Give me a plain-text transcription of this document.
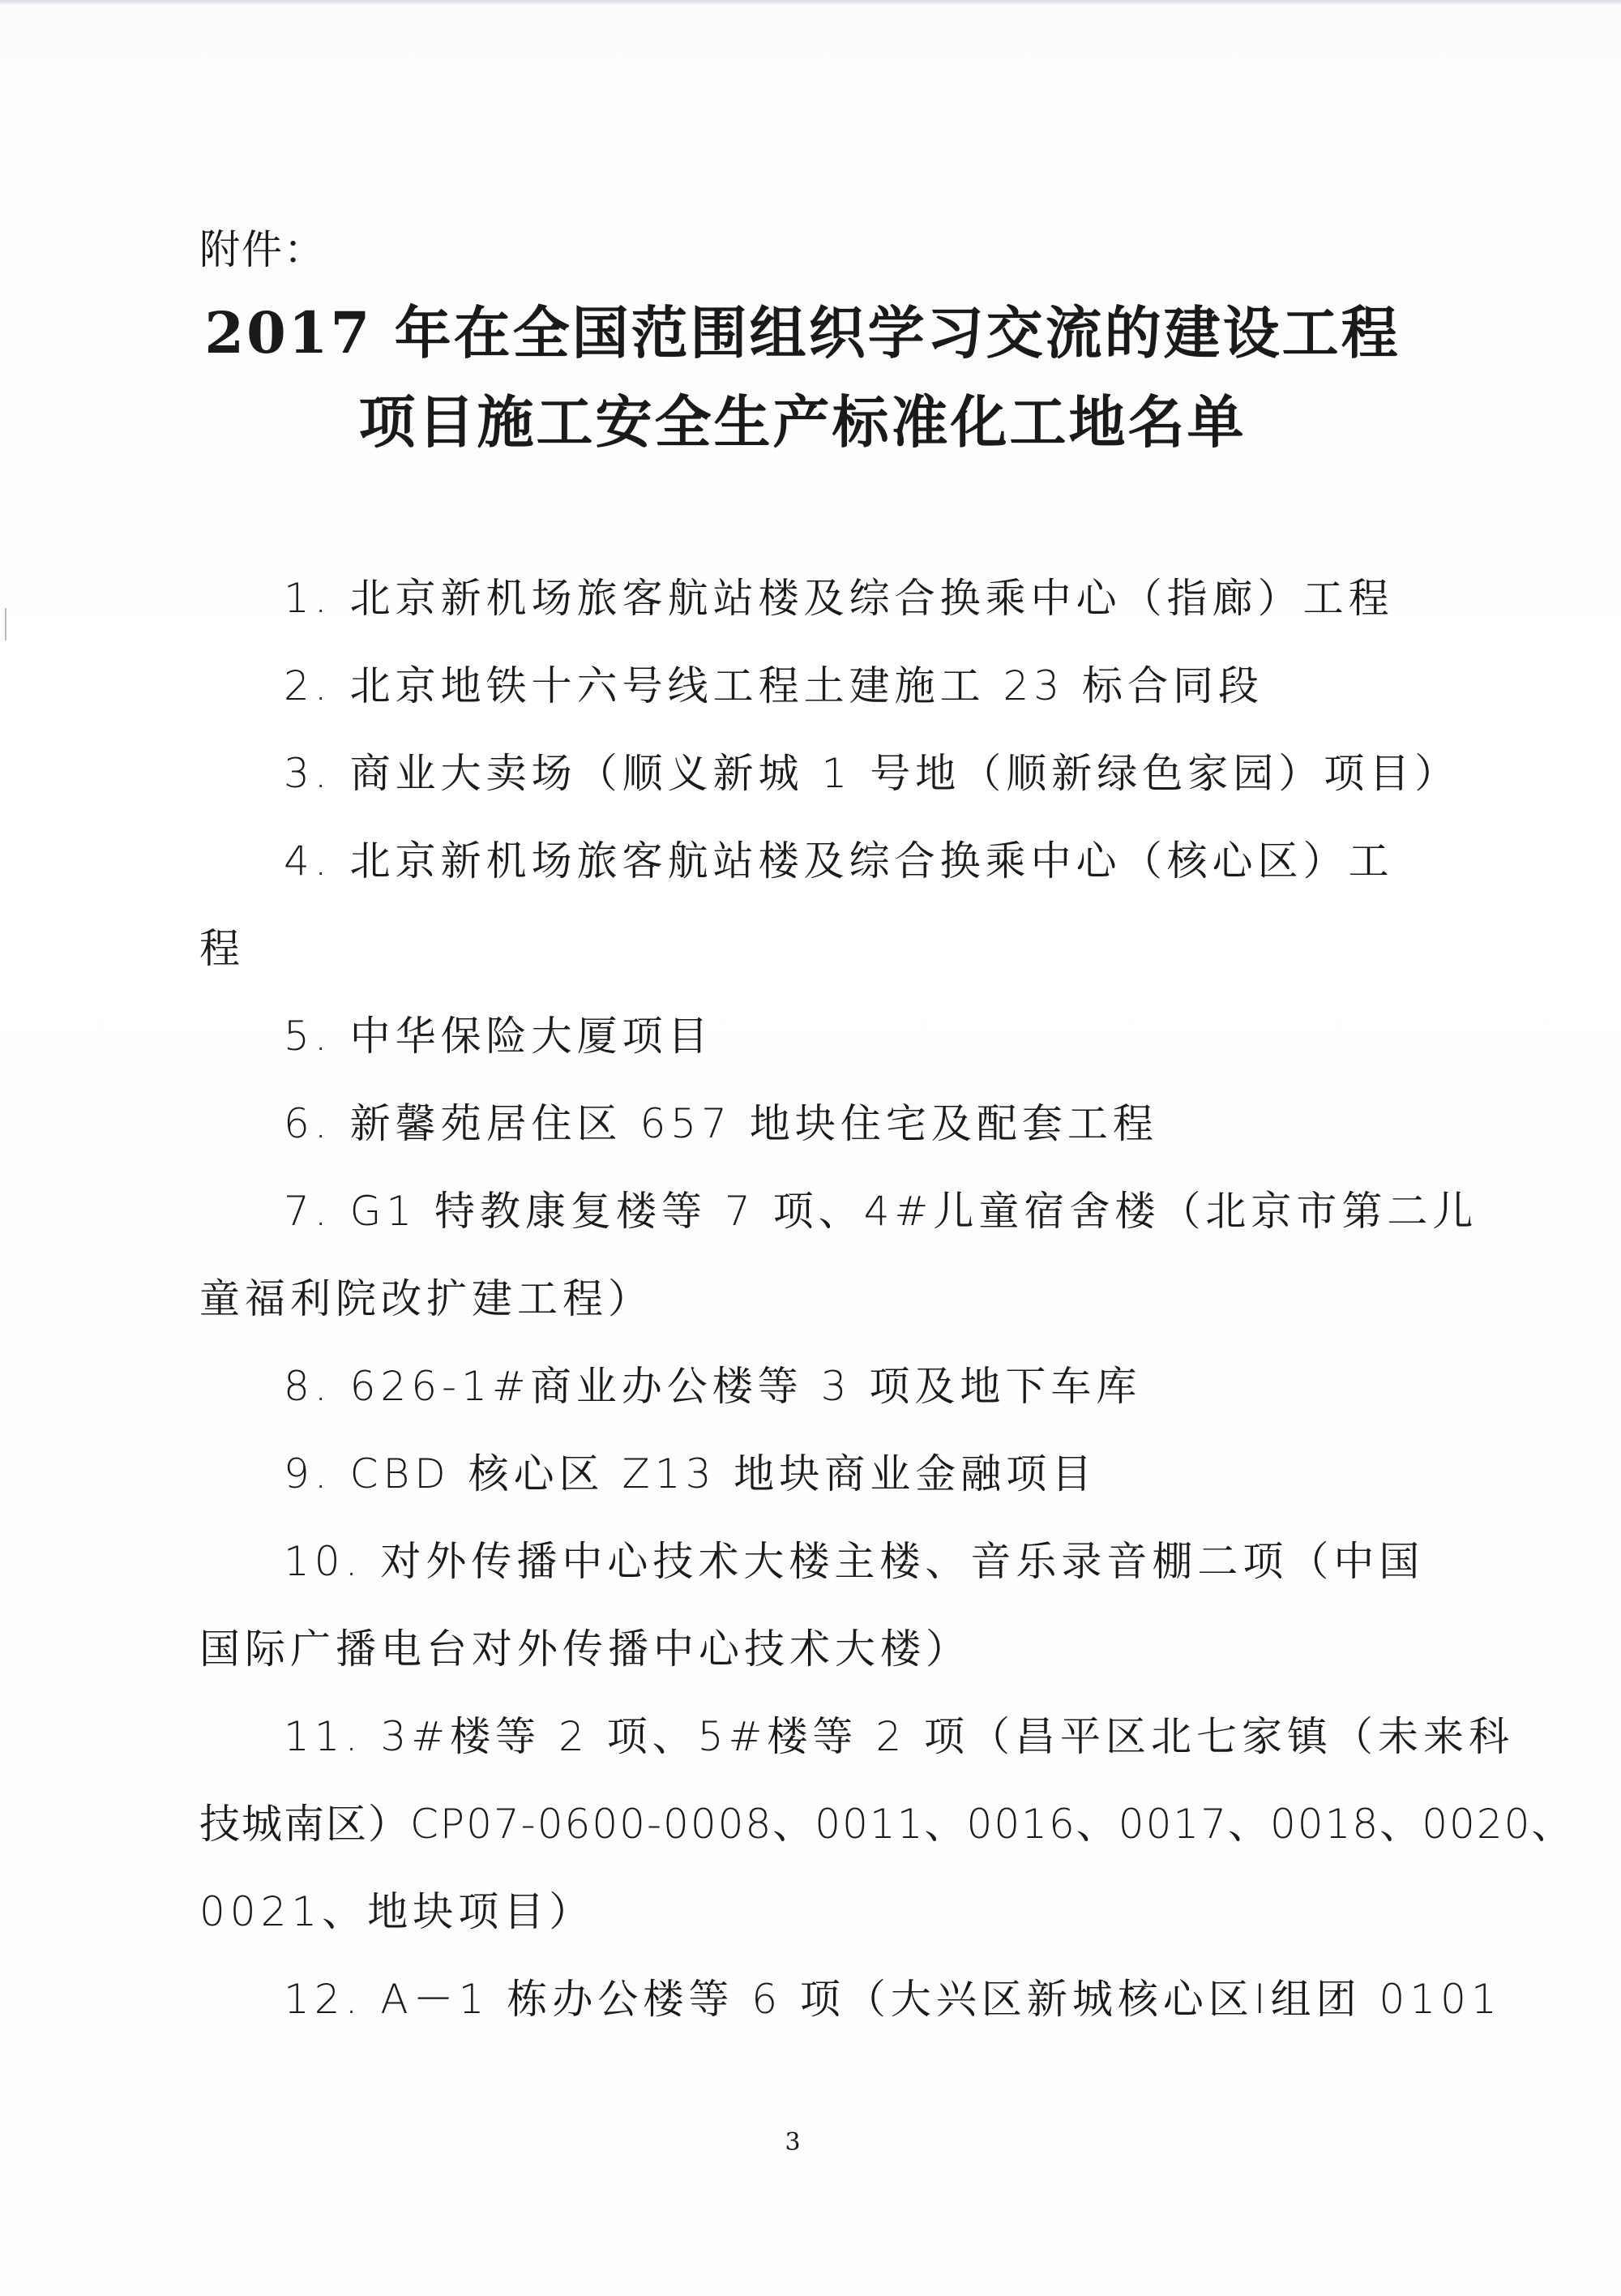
附件：
2017 年在全国范围组织学习交流的建设工程
项目施工安全生产标准化工地名单
1. 北京新机场旅客航站楼及综合换乘中心（指廊）工程
2. 北京地铁十六号线工程土建施工 23 标合同段
3. 商业大卖场（顺义新城 1 号地（顺新绿色家园）项目）
4. 北京新机场旅客航站楼及综合换乘中心（核心区）工
程
5. 中华保险大厦项目
6. 新馨苑居住区 657 地块住宅及配套工程
7. G1 特教康复楼等 7 项、4#儿童宿舍楼（北京市第二儿
童福利院改扩建工程）
8. 626-1#商业办公楼等 3 项及地下车库
9. CBD 核心区 Z13 地块商业金融项目
10. 对外传播中心技术大楼主楼、音乐录音棚二项（中国
国际广播电台对外传播中心技术大楼）
11. 3#楼等 2 项、5#楼等 2 项（昌平区北七家镇（未来科
技城南区）CP07-0600-0008、0011、0016、0017、0018、0020、
0021、地块项目）
12. A－1 栋办公楼等 6 项（大兴区新城核心区Ⅰ组团 0101
3
